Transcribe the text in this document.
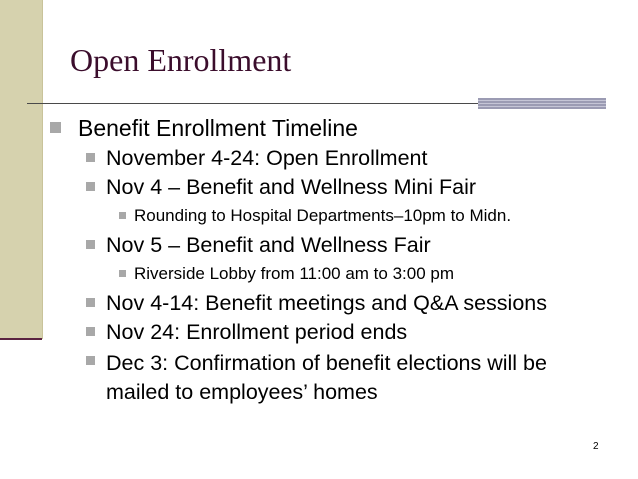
Open Enrollment
Benefit Enrollment Timeline
November 4-24: Open Enrollment
Nov 4 – Benefit and Wellness Mini Fair
Rounding to Hospital Departments–10pm to Midn.
Nov 5 – Benefit and Wellness Fair
Riverside Lobby from 11:00 am to 3:00 pm
Nov 4-14: Benefit meetings and Q&A sessions
Nov 24: Enrollment period ends
Dec 3: Confirmation of benefit elections will be mailed to employees’ homes
2
